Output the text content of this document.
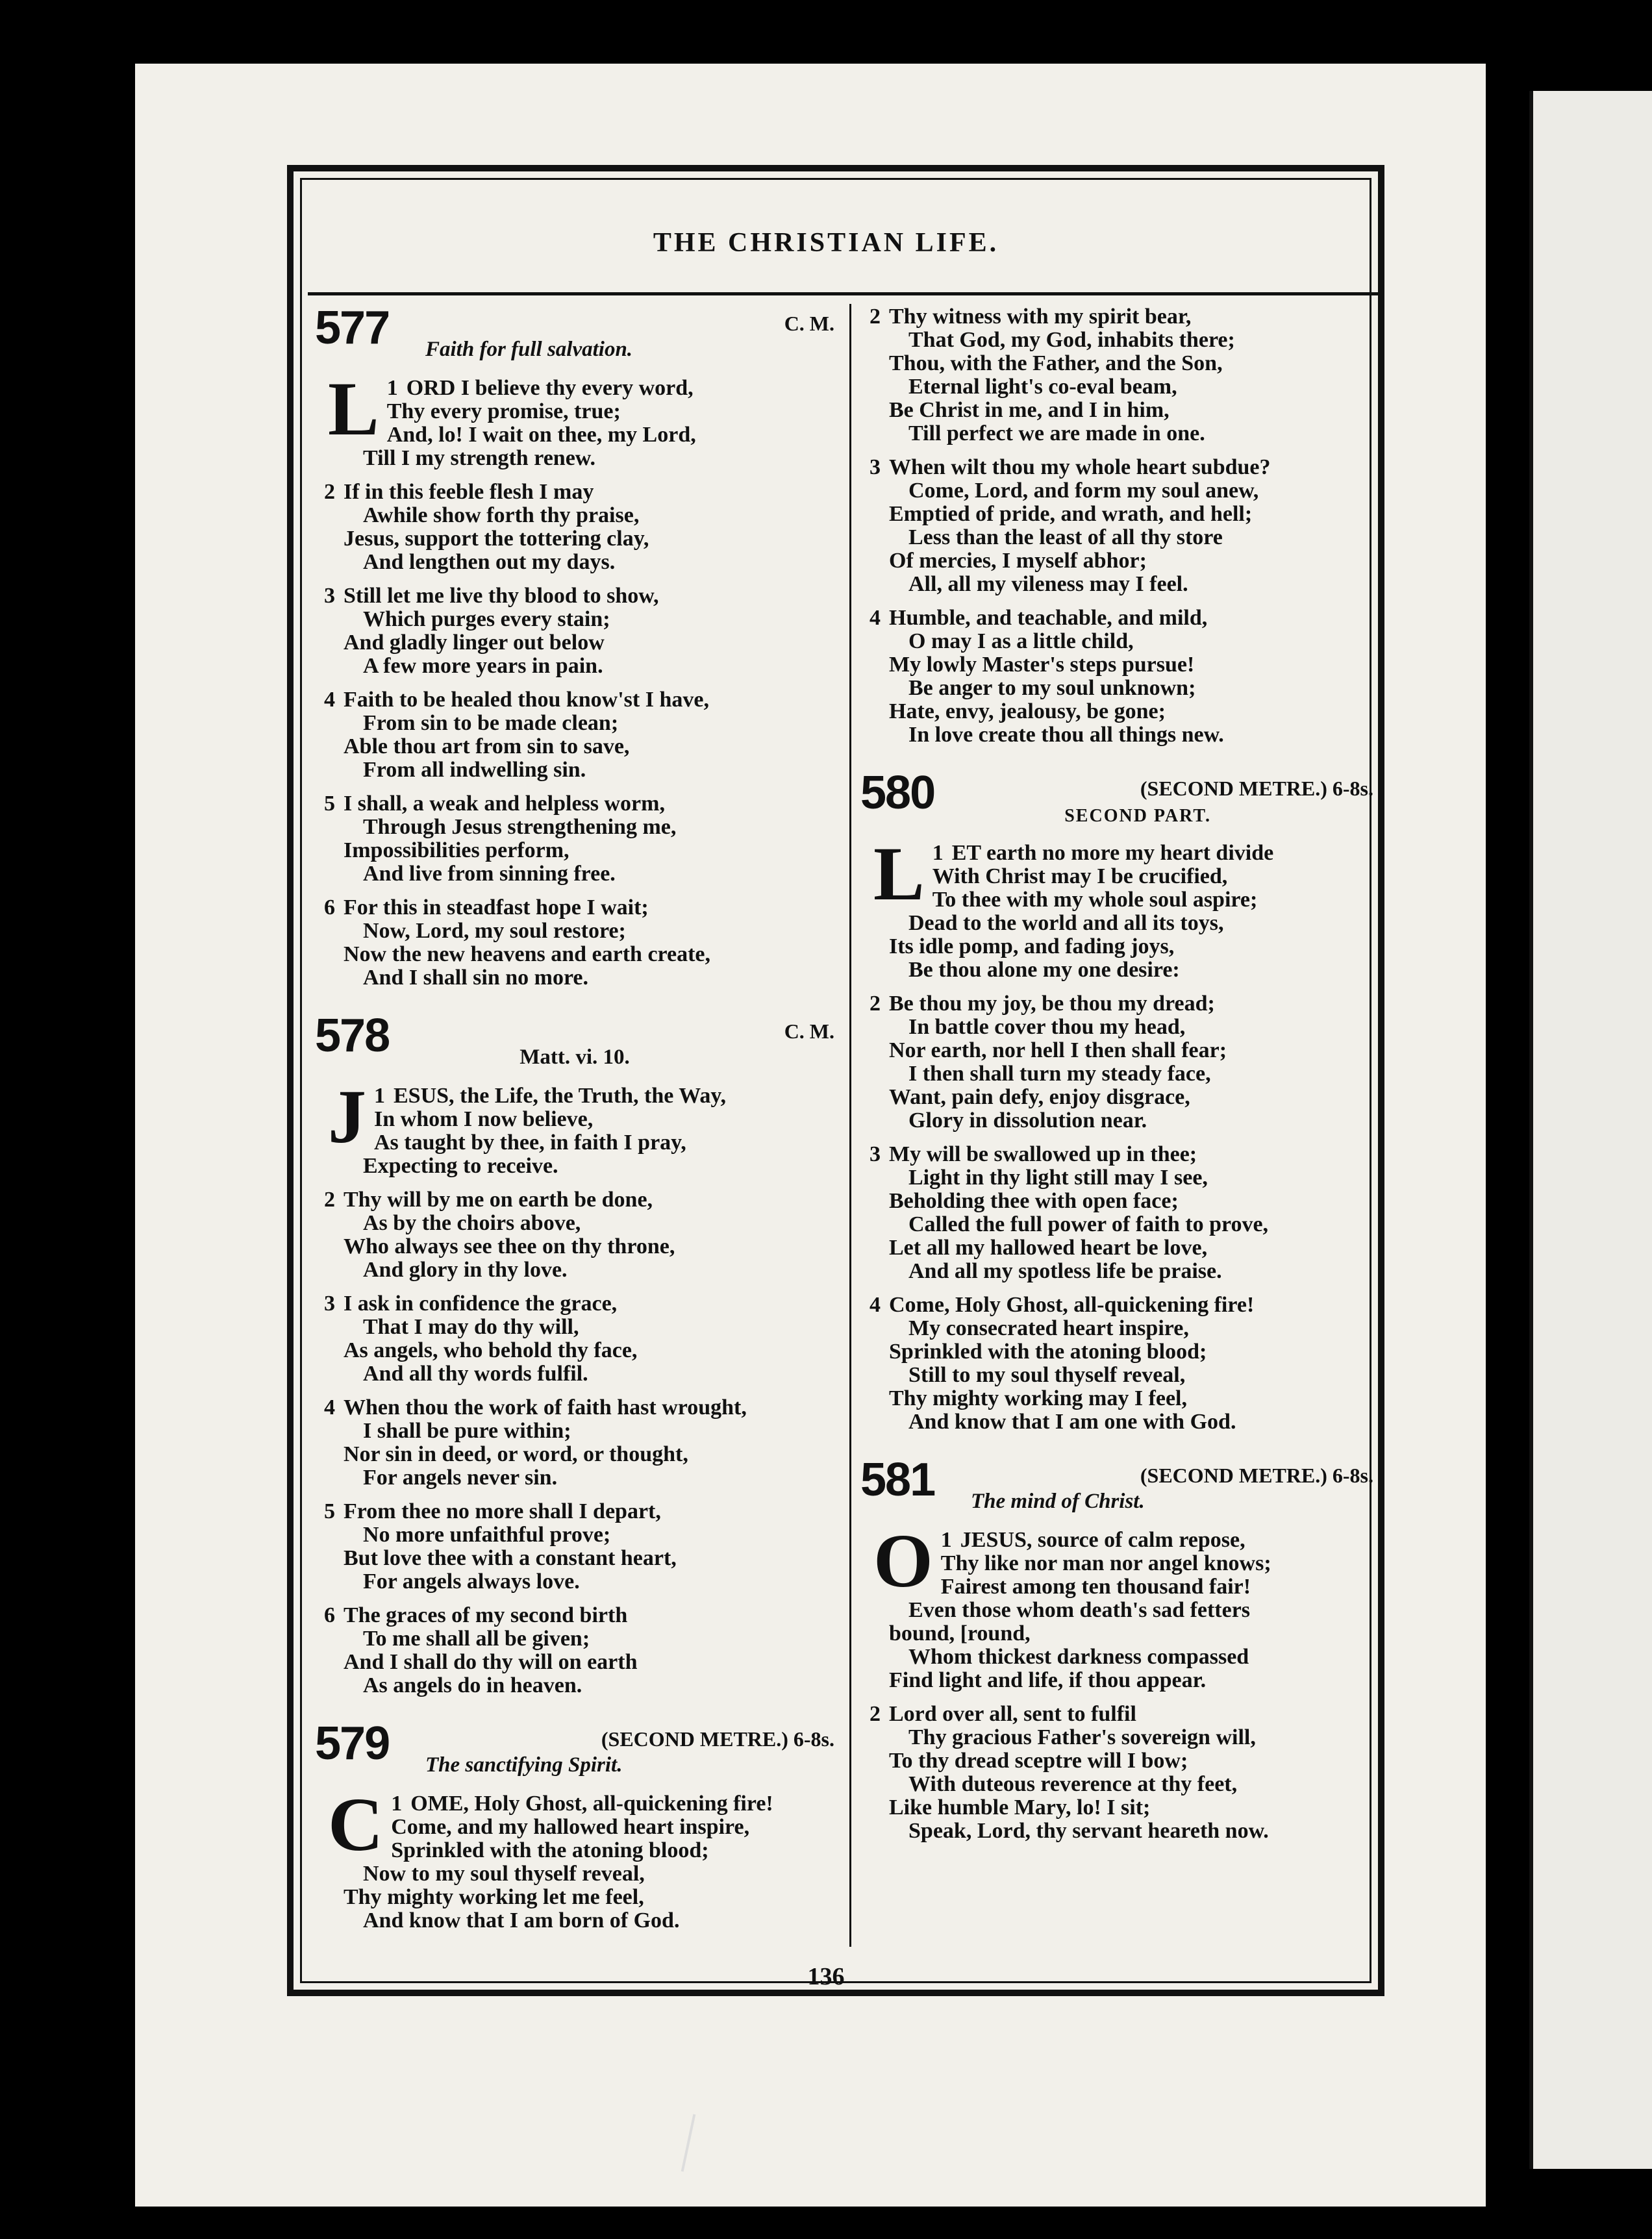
THE CHRISTIAN LIFE.
577	C. M.
Faith for full salvation.
1
L ORD I believe thy every word,
Thy every promise, true;
And, lo! I wait on thee, my Lord,
Till I my strength renew.
2 If in this feeble flesh I may
Awhile show forth thy praise,
Jesus, support the tottering clay,
And lengthen out my days.
3 Still let me live thy blood to show,
Which purges every stain;
And gladly linger out below
A few more years in pain.
4 Faith to be healed thou know'st I have,
From sin to be made clean;
Able thou art from sin to save,
From all indwelling sin.
5 I shall, a weak and helpless worm,
Through Jesus strengthening me,
Impossibilities perform,
And live from sinning free.
6 For this in steadfast hope I wait;
Now, Lord, my soul restore;
Now the new heavens and earth create,
And I shall sin no more.
578	C. M.
Matt. vi. 10.
1
J ESUS, the Life, the Truth, the Way,
In whom I now believe,
As taught by thee, in faith I pray,
Expecting to receive.
2 Thy will by me on earth be done,
As by the choirs above,
Who always see thee on thy throne,
And glory in thy love.
3 I ask in confidence the grace,
That I may do thy will,
As angels, who behold thy face,
And all thy words fulfil.
4 When thou the work of faith hast wrought,
I shall be pure within;
Nor sin in deed, or word, or thought,
For angels never sin.
5 From thee no more shall I depart,
No more unfaithful prove;
But love thee with a constant heart,
For angels always love.
6 The graces of my second birth
To me shall all be given;
And I shall do thy will on earth
As angels do in heaven.
579	(SECOND METRE.) 6-8s.
The sanctifying Spirit.
1
C OME, Holy Ghost, all-quickening fire!
Come, and my hallowed heart inspire,
Sprinkled with the atoning blood;
Now to my soul thyself reveal,
Thy mighty working let me feel,
And know that I am born of God.
2 Thy witness with my spirit bear,
That God, my God, inhabits there;
Thou, with the Father, and the Son,
Eternal light's co-eval beam,
Be Christ in me, and I in him,
Till perfect we are made in one.
3 When wilt thou my whole heart subdue?
Come, Lord, and form my soul anew,
Emptied of pride, and wrath, and hell;
Less than the least of all thy store
Of mercies, I myself abhor;
All, all my vileness may I feel.
4 Humble, and teachable, and mild,
O may I as a little child,
My lowly Master's steps pursue!
Be anger to my soul unknown;
Hate, envy, jealousy, be gone;
In love create thou all things new.
580	(SECOND METRE.) 6-8s.
SECOND PART.
1
L ET earth no more my heart divide
With Christ may I be crucified,
To thee with my whole soul aspire;
Dead to the world and all its toys,
Its idle pomp, and fading joys,
Be thou alone my one desire:
2 Be thou my joy, be thou my dread;
In battle cover thou my head,
Nor earth, nor hell I then shall fear;
I then shall turn my steady face,
Want, pain defy, enjoy disgrace,
Glory in dissolution near.
3 My will be swallowed up in thee;
Light in thy light still may I see,
Beholding thee with open face;
Called the full power of faith to prove,
Let all my hallowed heart be love,
And all my spotless life be praise.
4 Come, Holy Ghost, all-quickening fire!
My consecrated heart inspire,
Sprinkled with the atoning blood;
Still to my soul thyself reveal,
Thy mighty working may I feel,
And know that I am one with God.
581	(SECOND METRE.) 6-8s.
The mind of Christ.
1
O JESUS, source of calm repose,
Thy like nor man nor angel knows;
Fairest among ten thousand fair!
Even those whom death's sad fetters
bound, [round,
Whom thickest darkness compassed
Find light and life, if thou appear.
2 Lord over all, sent to fulfil
Thy gracious Father's sovereign will,
To thy dread sceptre will I bow;
With duteous reverence at thy feet,
Like humble Mary, lo! I sit;
Speak, Lord, thy servant heareth now.
136
